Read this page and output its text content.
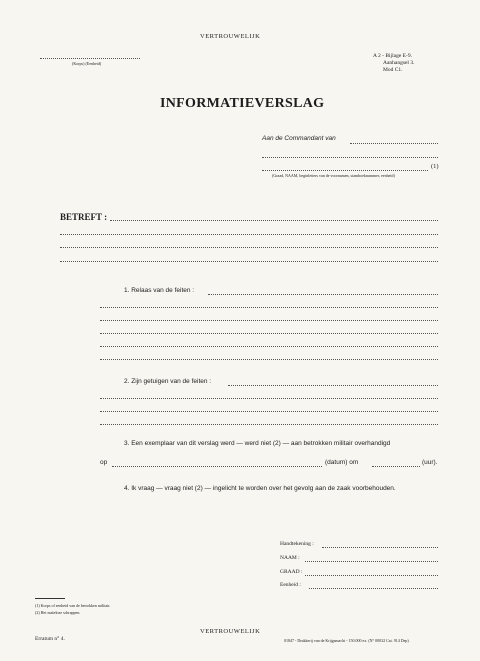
VERTROUWELIJK
(Korps) (Eenheid)
A 2 - Bijlage E-9.
Aanhangsel 3.
Mod C1.
INFORMATIEVERSLAG
Aan de Commandant van
(1)
(Graad, NAAM, beginletters van de voornamen, stamboeknummer, eenheid)
BETREFT :
1. Relaas van de feiten :
2. Zijn getuigen van de feiten :
3. Een exemplaar van dit verslag werd — werd niet (2) — aan betrokken militair overhandigd
op	(datum) om	(uur).
4. Ik vraag — vraag niet (2) — ingelicht te worden over het gevolg aan de zaak voorbehouden.
Handtekening :
NAAM :
GRAAD :
Eenheid :
(1) Korps of eenheid van de betrokken militair.
(2) Het nutteloze schrappen.
VERTROUWELIJK
Erratum n° 4.	01847 - Drukkerij van de Krijgsmacht - 150.000 ex. (N° 00032 Cat. 914 Dep)
